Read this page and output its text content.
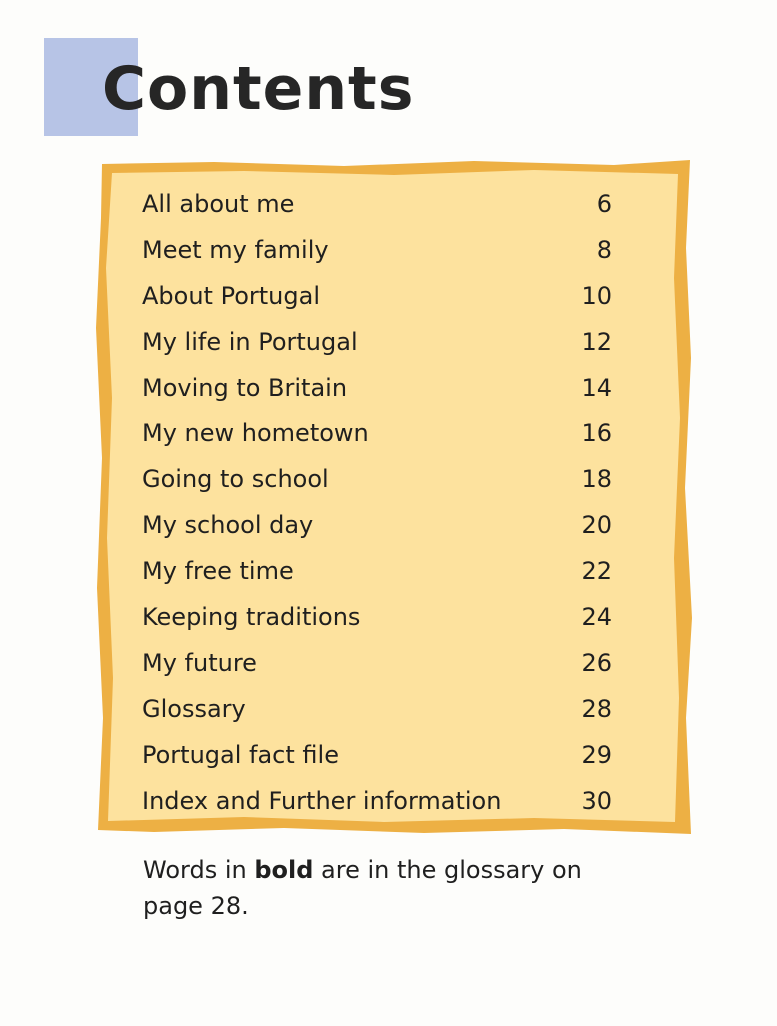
Contents
All about me	6
Meet my family	8
About Portugal	10
My life in Portugal	12
Moving to Britain	14
My new hometown	16
Going to school	18
My school day	20
My free time	22
Keeping traditions	24
My future	26
Glossary	28
Portugal fact file	29
Index and Further information	30

Words in bold are in the glossary on page 28.
